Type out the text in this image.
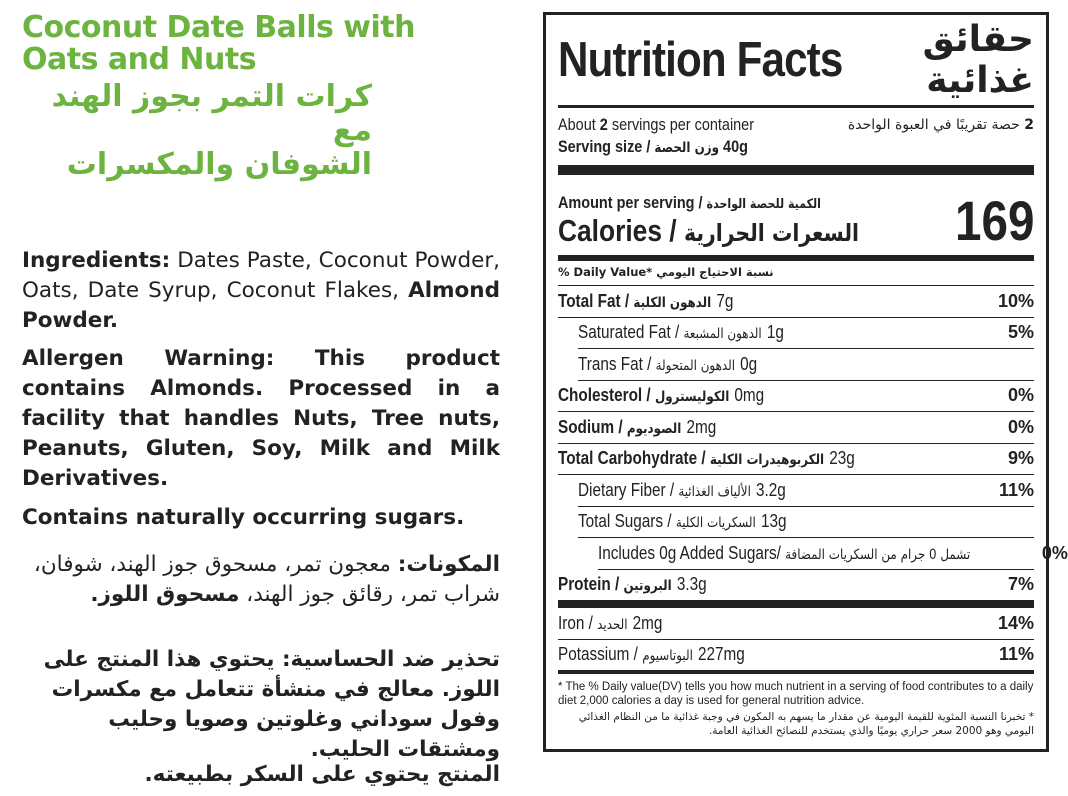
Coconut Date Balls with

Oats and Nuts

كرات التمر بجوز الهند مع

الشوفان والمكسرات

Ingredients: Dates Paste, Coconut Powder, Oats, Date Syrup, Coconut Flakes, Almond Powder.

Allergen Warning: This product contains Almonds. Processed in a facility that handles Nuts, Tree nuts, Peanuts, Gluten, Soy, Milk and Milk Derivatives.

Contains naturally occurring sugars.

المكونات: معجون تمر، مسحوق جوز الهند، شوفان، شراب تمر، رقائق جوز الهند، مسحوق اللوز.

تحذير ضد الحساسية: يحتوي هذا المنتج على اللوز. معالج في منشأة تتعامل مع مكسرات وفول سوداني وغلوتين وصويا وحليب ومشتقات الحليب.

المنتج يحتوي على السكر بطبيعته.

Nutrition Facts	حقائق غذائية
About 2 servings per container	2 حصة تقريبًا في العبوة الواحدة
Serving size / وزن الحصة 40g
Amount per serving / الكمية للحصة الواحدة
Calories / السعرات الحرارية	169
نسبة الاحتياج اليومي

% Daily Value*
Total Fat / الدهون الكلية 7g	10%
Saturated Fat / الدهون المشبعة 1g	5%
Trans Fat / الدهون المتحولة 0g
Cholesterol / الكوليسترول 0mg	0%
Sodium / الصوديوم 2mg	0%
Total Carbohydrate / الكربوهيدرات الكلية 23g	9%
Dietary Fiber / الألياف الغذائية 3.2g	11%
Total Sugars / السكريات الكلية 13g
Includes 0g Added Sugars/ تشمل 0 جرام من السكريات المضافة	0%
Protein / البروتين 3.3g	7%
Iron / الحديد 2mg	14%
Potassium / البوتاسيوم 227mg	11%
* The % Daily value(DV) tells you how much nutrient in a serving of food contributes to a daily diet 2,000 calories a day is used for general nutrition advice.
* تخبرنا النسبة المئوية للقيمة اليومية عن مقدار ما يسهم به المكون في وجبة غذائية ما من النظام الغذائي اليومي وهو 2000 سعر حراري يوميًا والذي يستخدم للنصائح الغذائية العامة.
